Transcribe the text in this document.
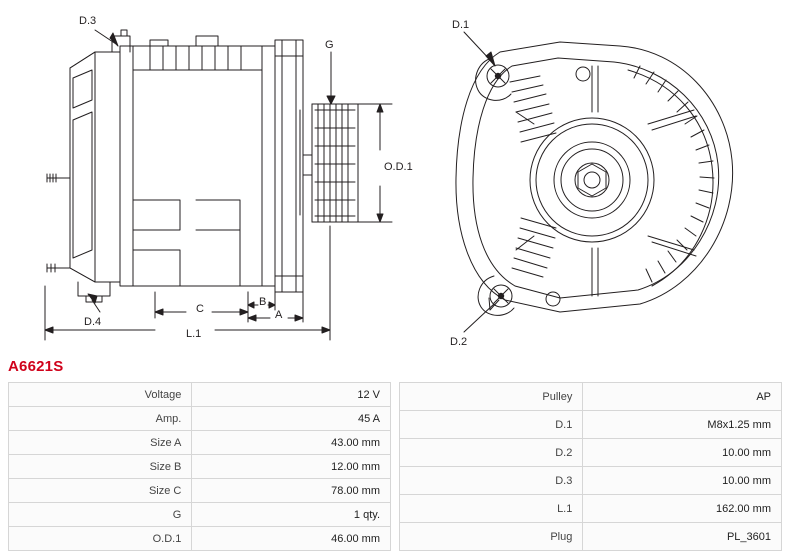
D.3
G
O.D.1
C
B
A
L.1
D.4
D.1
D.2
A6621S
Voltage	12 V
Amp.	45 A
Size A	43.00 mm
Size B	12.00 mm
Size C	78.00 mm
G	1 qty.
O.D.1	46.00 mm
Pulley	AP
D.1	M8x1.25 mm
D.2	10.00 mm
D.3	10.00 mm
L.1	162.00 mm
Plug	PL_3601
